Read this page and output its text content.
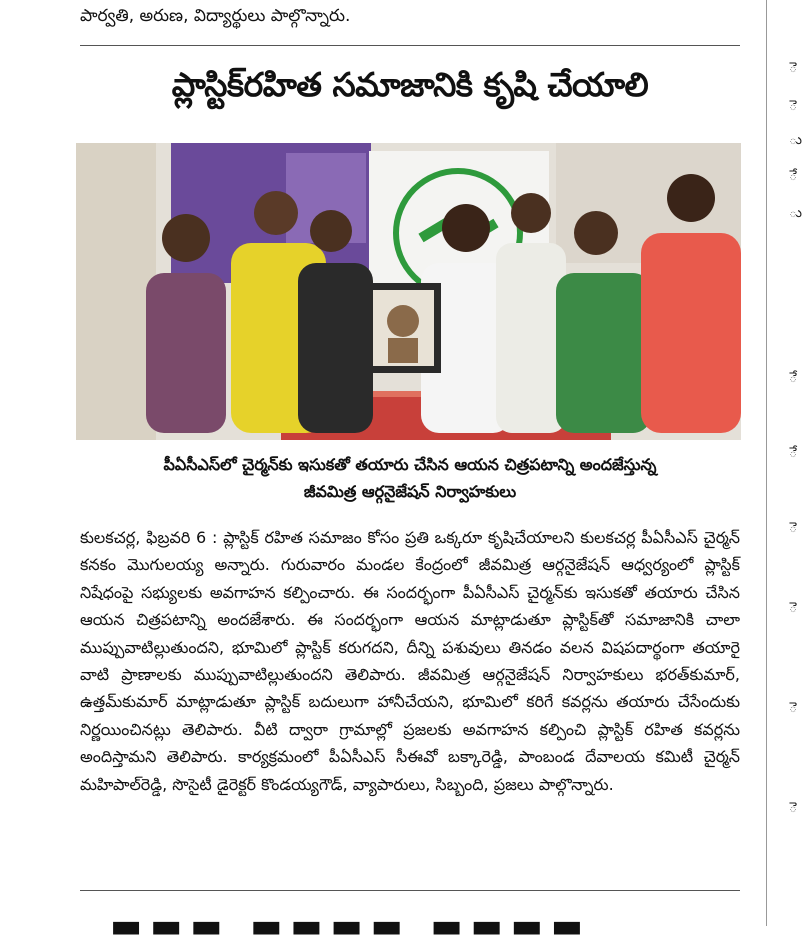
పార్వతి, అరుణ, విద్యార్థులు పాల్గొన్నారు.
ప్లాస్టిక్‌రహిత సమాజానికి కృషి చేయాలి
పీఏసీఎస్‌లో చైర్మన్‌కు ఇసుకతో తయారు చేసిన ఆయన చిత్రపటాన్ని అందజేస్తున్న
జీవమిత్ర ఆర్గనైజేషన్‌ నిర్వాహకులు
కులకచర్ల, ఫిబ్రవరి 6 : ప్లాస్టిక్‌ రహిత సమాజం కోసం ప్రతి ఒక్కరూ కృషిచేయాలని కులకచర్ల పీఏసీఎస్‌ చైర్మన్‌ కనకం మొగులయ్య అన్నారు. గురువారం మండల కేంద్రంలో జీవమిత్ర ఆర్గనైజేషన్‌ ఆధ్వర్యంలో ప్లాస్టిక్‌ నిషేధంపై సభ్యులకు అవగాహన కల్పించారు. ఈ సందర్భంగా పీఏసీఎస్‌ చైర్మన్‌కు ఇసుకతో తయారు చేసిన ఆయన చిత్రపటాన్ని అందజేశారు. ఈ సందర్భంగా ఆయన మాట్లాడుతూ ప్లాస్టిక్‌తో సమాజానికి చాలా ముప్పువాటిల్లుతుందని, భూమిలో ప్లాస్టిక్‌ కరుగదని, దీన్ని పశువులు తినడం వలన విషపదార్థంగా తయారై వాటి ప్రాణాలకు ముప్పువాటిల్లుతుందని తెలిపారు. జీవమిత్ర ఆర్గనైజేషన్‌ నిర్వాహకులు భరత్‌కుమార్‌, ఉత్తమ్‌కుమార్‌ మాట్లాడుతూ ప్లాస్టిక్‌ బదులుగా హానీచేయని, భూమిలో కరిగే కవర్లను తయారు చేసేందుకు నిర్ణయించినట్లు తెలిపారు. వీటి ద్వారా గ్రామాల్లో ప్రజలకు అవగాహన కల్పించి ప్లాస్టిక్‌ రహిత కవర్లను అందిస్తామని తెలిపారు. కార్యక్రమంలో పీఏసీఎస్‌ సీఈవో బక్కారెడ్డి, పాంబండ దేవాలయ కమిటీ చైర్మన్‌ మహిపాల్‌రెడ్డి, సొసైటీ డైరెక్టర్‌ కొండయ్యగౌడ్‌, వ్యాపారులు, సిబ్బంది, ప్రజలు పాల్గొన్నారు.
ె
ె
ు
ే
ు
ే
ే
ె
ె
ె
ె
▬▬▬ ▬▬▬▬ ▬▬▬▬
